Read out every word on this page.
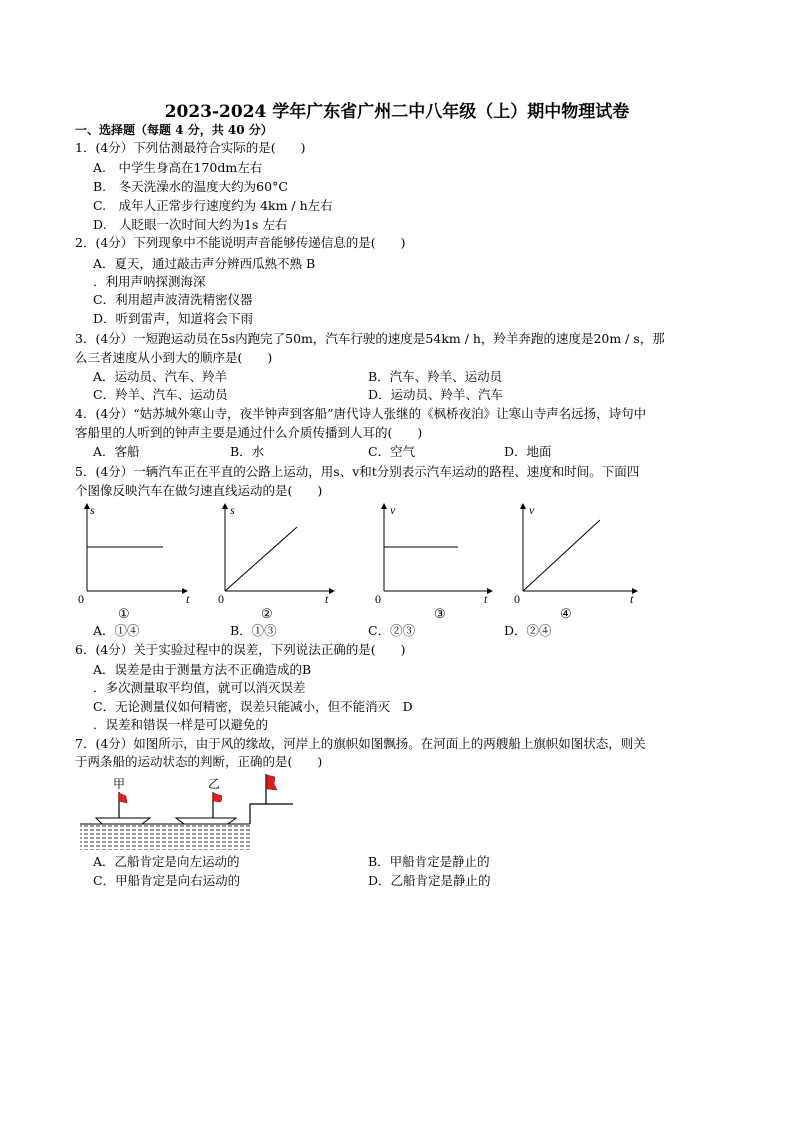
2023-2024 学年广东省广州二中八年级（上）期中物理试卷
一、选择题（每题 4 分，共 40 分）
1．(4分）下列估测最符合实际的是(　　)
A.　中学生身高在170dm左右
B.　冬天洗澡水的温度大约为60°C
C.　成年人正常步行速度约为 4km / h左右
D.　人眨眼一次时间大约为1s 左右
2．(4分）下列现象中不能说明声音能够传递信息的是(　　)
A．夏天，通过敲击声分辨西瓜熟不熟 B
．利用声呐探测海深
C．利用超声波清洗精密仪器
D．听到雷声，知道将会下雨
3．(4分）一短跑运动员在5s内跑完了50m，汽车行驶的速度是54km / h，羚羊奔跑的速度是20m / s，那
么三者速度从小到大的顺序是(　　)
A．运动员、汽车、羚羊	B．汽车、羚羊、运动员
C．羚羊、汽车、运动员	D．运动员、羚羊、汽车
4．(4分）“姑苏城外寒山寺，夜半钟声到客船”唐代诗人张继的《枫桥夜泊》让寒山寺声名远扬，诗句中
客船里的人听到的钟声主要是通过什么介质传播到人耳的(　　)
A．客船	B．水	C．空气	D．地面
5．(4分）一辆汽车正在平直的公路上运动，用s、v和t分别表示汽车运动的路程、速度和时间。下面四
个图像反映汽车在做匀速直线运动的是(　　)
s
t
0
①
s
t
0
②
v
t
0
③
v
t
0
④
A．①④	B．①③	C．②③	D．②④
6．(4分）关于实验过程中的误差，下列说法正确的是(　　)
A．误差是由于测量方法不正确造成的B
．多次测量取平均值，就可以消灭误差
C．无论测量仪如何精密，误差只能减小，但不能消灭　D
．误差和错误一样是可以避免的
7．(4分）如图所示，由于风的缘故，河岸上的旗帜如图飘扬。在河面上的两艘船上旗帜如图状态，则关
于两条船的运动状态的判断，正确的是(　　)
甲	乙
A．乙船肯定是向左运动的	B．甲船肯定是静止的
C．甲船肯定是向右运动的	D．乙船肯定是静止的
